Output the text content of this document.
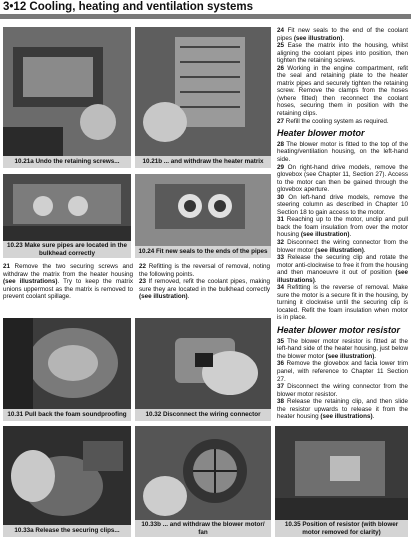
3•12 Cooling, heating and ventilation systems
10.21a Undo the retaining screws...	10.21b ... and withdraw the heater matrix
10.23 Make sure pipes are located in the bulkhead correctly	10.24 Fit new seals to the ends of the pipes

21 Remove the two securing screws and withdraw the matrix from the heater housing (see illustrations). Try to keep the matrix unions uppermost as the matrix is removed to prevent coolant spillage.

22 Refitting is the reversal of removal, noting the following points.

23 If removed, refit the coolant pipes, making sure they are located in the bulkhead correctly (see illustration).

10.31 Pull back the foam soundproofing	10.32 Disconnect the wiring connector
10.33a Release the securing clips...
10.33b ... and withdraw the blower motor/ fan
10.35 Position of resistor (with blower motor removed for clarity)

24 Fit new seals to the end of the coolant pipes (see illustration).

25 Ease the matrix into the housing, whilst aligning the coolant pipes into position, then tighten the retaining screws.

26 Working in the engine compartment, refit the seal and retaining plate to the heater matrix pipes and securely tighten the retaining screw. Remove the clamps from the hoses (where fitted) then reconnect the coolant hoses, securing them in position with the retaining clips.

27 Refill the cooling system as required.

Heater blower motor

28 The blower motor is fitted to the top of the heating/ventilation housing, on the left-hand side.

29 On right-hand drive models, remove the glovebox (see Chapter 11, Section 27). Access to the motor can then be gained through the glovebox aperture.

30 On left-hand drive models, remove the steering column as described in Chapter 10 Section 18 to gain access to the motor.

31 Reaching up to the motor, unclip and pull back the foam insulation from over the motor housing (see illustration).

32 Disconnect the wiring connector from the blower motor (see illustration).

33 Release the securing clip and rotate the motor anti-clockwise to free it from the housing and then manoeuvre it out of position (see illustrations).

34 Refitting is the reverse of removal. Make sure the motor is a secure fit in the housing, by turning it clockwise until the securing clip is located. Refit the foam insulation when motor is in place.

Heater blower motor resistor

35 The blower motor resistor is fitted at the left-hand side of the heater housing, just below the blower motor (see illustration).

36 Remove the glovebox and facia lower trim panel, with reference to Chapter 11 Section 27.

37 Disconnect the wiring connector from the blower motor resistor.

38 Release the retaining clip, and then slide the resistor upwards to release it from the heater housing (see illustrations).
